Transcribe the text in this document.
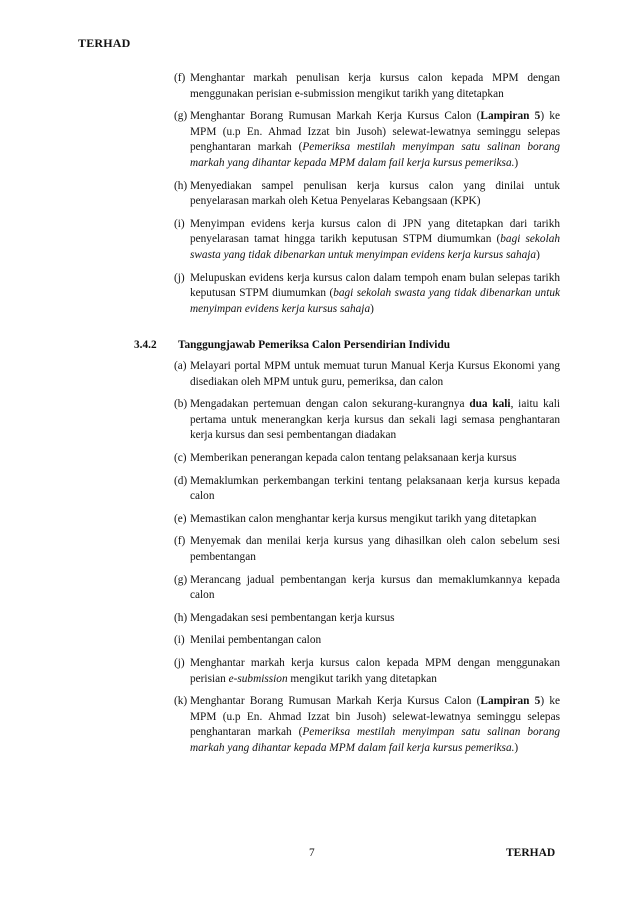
TERHAD
(f) Menghantar markah penulisan kerja kursus calon kepada MPM dengan menggunakan perisian e-submission mengikut tarikh yang ditetapkan
(g) Menghantar Borang Rumusan Markah Kerja Kursus Calon (Lampiran 5) ke MPM (u.p En. Ahmad Izzat bin Jusoh) selewat-lewatnya seminggu selepas penghantaran markah (Pemeriksa mestilah menyimpan satu salinan borang markah yang dihantar kepada MPM dalam fail kerja kursus pemeriksa.)
(h) Menyediakan sampel penulisan kerja kursus calon yang dinilai untuk penyelarasan markah oleh Ketua Penyelaras Kebangsaan (KPK)
(i) Menyimpan evidens kerja kursus calon di JPN yang ditetapkan dari tarikh penyelarasan tamat hingga tarikh keputusan STPM diumumkan (bagi sekolah swasta yang tidak dibenarkan untuk menyimpan evidens kerja kursus sahaja)
(j) Melupuskan evidens kerja kursus calon dalam tempoh enam bulan selepas tarikh keputusan STPM diumumkan (bagi sekolah swasta yang tidak dibenarkan untuk menyimpan evidens kerja kursus sahaja)
3.4.2 Tanggungjawab Pemeriksa Calon Persendirian Individu
(a) Melayari portal MPM untuk memuat turun Manual Kerja Kursus Ekonomi yang disediakan oleh MPM untuk guru, pemeriksa, dan calon
(b) Mengadakan pertemuan dengan calon sekurang-kurangnya dua kali, iaitu kali pertama untuk menerangkan kerja kursus dan sekali lagi semasa penghantaran kerja kursus dan sesi pembentangan diadakan
(c) Memberikan penerangan kepada calon tentang pelaksanaan kerja kursus
(d) Memaklumkan perkembangan terkini tentang pelaksanaan kerja kursus kepada calon
(e) Memastikan calon menghantar kerja kursus mengikut tarikh yang ditetapkan
(f) Menyemak dan menilai kerja kursus yang dihasilkan oleh calon sebelum sesi pembentangan
(g) Merancang jadual pembentangan kerja kursus dan memaklumkannya kepada calon
(h) Mengadakan sesi pembentangan kerja kursus
(i) Menilai pembentangan calon
(j) Menghantar markah kerja kursus calon kepada MPM dengan menggunakan perisian e-submission mengikut tarikh yang ditetapkan
(k) Menghantar Borang Rumusan Markah Kerja Kursus Calon (Lampiran 5) ke MPM (u.p En. Ahmad Izzat bin Jusoh) selewat-lewatnya seminggu selepas penghantaran markah (Pemeriksa mestilah menyimpan satu salinan borang markah yang dihantar kepada MPM dalam fail kerja kursus pemeriksa.)
7	TERHAD
